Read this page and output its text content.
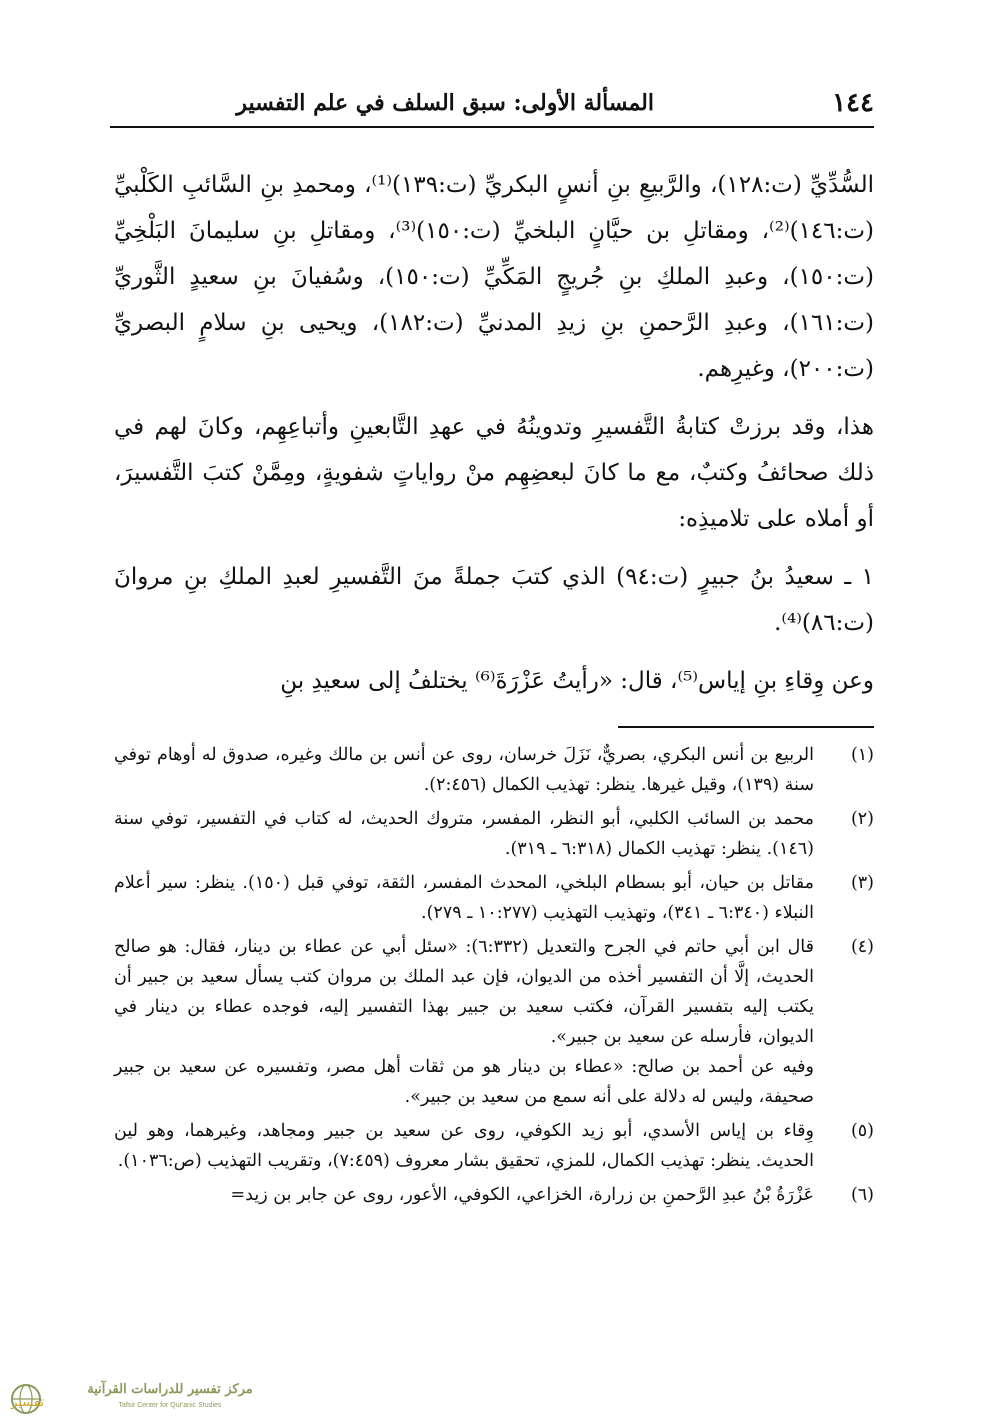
١٤٤
المسألة الأولى: سبق السلف في علم التفسير

السُّدِّيِّ (ت:١٢٨)، والرَّبيعِ بنِ أنسٍ البكريِّ (ت:١٣٩)⁽¹⁾، ومحمدِ بنِ السَّائبِ الكَلْبيِّ (ت:١٤٦)⁽²⁾، ومقاتلِ بن حيَّانٍ البلخيِّ (ت:١٥٠)⁽³⁾، ومقاتلِ بنِ سليمانَ البَلْخِيِّ (ت:١٥٠)، وعبدِ الملكِ بنِ جُريجٍ المَكِّيِّ (ت:١٥٠)، وسُفيانَ بنِ سعيدٍ الثَّوريِّ (ت:١٦١)، وعبدِ الرَّحمنِ بنِ زيدِ المدنيِّ (ت:١٨٢)، ويحيى بنِ سلامٍ البصريِّ (ت:٢٠٠)، وغيرِهم.

هذا، وقد برزتْ كتابةُ التَّفسيرِ وتدوينُهُ في عهدِ التَّابعينِ وأتباعِهِم، وكانَ لهم في ذلك صحائفُ وكتبٌ، مع ما كانَ لبعضِهِم منْ رواياتٍ شفويةٍ، ومِمَّنْ كتبَ التَّفسيرَ، أو أملاه على تلاميذِه:

١ ـ سعيدُ بنُ جبيرٍ (ت:٩٤) الذي كتبَ جملةً منَ التَّفسيرِ لعبدِ الملكِ بنِ مروانَ (ت:٨٦)⁽⁴⁾.

وعن وِقاءِ بنِ إياس⁽⁵⁾، قال: «رأيتُ عَزْرَةَ⁽⁶⁾ يختلفُ إلى سعيدِ بنِ

(١)

الربيع بن أنس البكري، بصريٌّ، نَزَلَ خرسان، روى عن أنس بن مالك وغيره، صدوق له أوهام توفي سنة (١٣٩)، وقيل غيرها. ينظر: تهذيب الكمال (٢:٤٥٦).

(٢)

محمد بن السائب الكلبي، أبو النظر، المفسر، متروك الحديث، له كتاب في التفسير، توفي سنة (١٤٦). ينظر: تهذيب الكمال (٦:٣١٨ ـ ٣١٩).

(٣)

مقاتل بن حيان، أبو بسطام البلخي، المحدث المفسر، الثقة، توفي قبل (١٥٠). ينظر: سير أعلام النبلاء (٦:٣٤٠ ـ ٣٤١)، وتهذيب التهذيب (١٠:٢٧٧ ـ ٢٧٩).

(٤)

قال ابن أبي حاتم في الجرح والتعديل (٦:٣٣٢): «سئل أبي عن عطاء بن دينار، فقال: هو صالح الحديث، إلَّا أن التفسير أخذه من الديوان، فإن عبد الملك بن مروان كتب يسأل سعيد بن جبير أن يكتب إليه بتفسير القرآن، فكتب سعيد بن جبير بهذا التفسير إليه، فوجده عطاء بن دينار في الديوان، فأرسله عن سعيد بن جبير».

وفيه عن أحمد بن صالح: «عطاء بن دينار هو من ثقات أهل مصر، وتفسيره عن سعيد بن جبير صحيفة، وليس له دلالة على أنه سمع من سعيد بن جبير».

(٥)

وِقاء بن إياس الأسدي، أبو زيد الكوفي، روى عن سعيد بن جبير ومجاهد، وغيرهما، وهو لين الحديث. ينظر: تهذيب الكمال، للمزي، تحقيق بشار معروف (٧:٤٥٩)، وتقريب التهذيب (ص:١٠٣٦).

(٦)

عَزْرَةُ بْنُ عبدِ الرَّحمنِ بن زرارة، الخزاعي، الكوفي، الأعور، روى عن جابر بن زيد=

تفسير
مركز تفسير للدراسات القرآنية
Tafsir Center for Qur'anic Studies
